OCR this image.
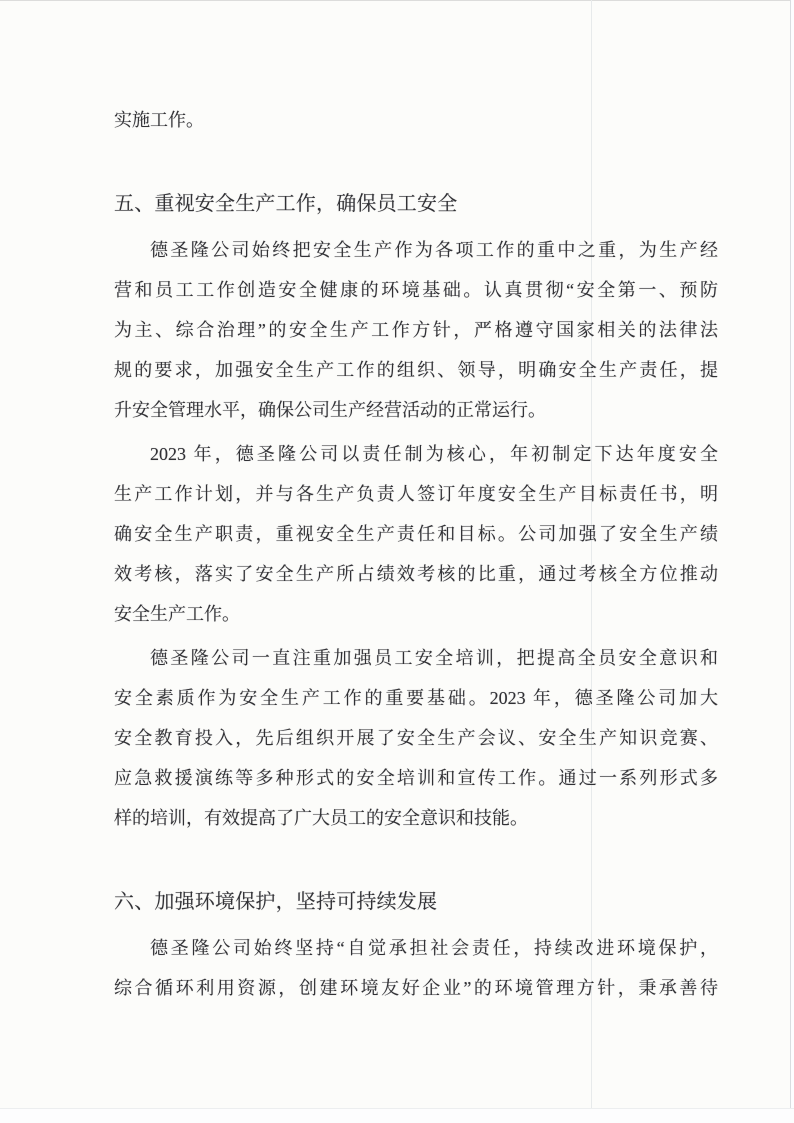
实施工作。
五、重视安全生产工作，确保员工安全
德圣隆公司始终把安全生产作为各项工作的重中之重，为生产经
营和员工工作创造安全健康的环境基础。认真贯彻“安全第一、预防
为主、综合治理”的安全生产工作方针，严格遵守国家相关的法律法
规的要求，加强安全生产工作的组织、领导，明确安全生产责任，提
升安全管理水平，确保公司生产经营活动的正常运行。
2023 年，德圣隆公司以责任制为核心，年初制定下达年度安全
生产工作计划，并与各生产负责人签订年度安全生产目标责任书，明
确安全生产职责，重视安全生产责任和目标。公司加强了安全生产绩
效考核，落实了安全生产所占绩效考核的比重，通过考核全方位推动
安全生产工作。
德圣隆公司一直注重加强员工安全培训，把提高全员安全意识和
安全素质作为安全生产工作的重要基础。2023 年，德圣隆公司加大
安全教育投入，先后组织开展了安全生产会议、安全生产知识竞赛、
应急救援演练等多种形式的安全培训和宣传工作。通过一系列形式多
样的培训，有效提高了广大员工的安全意识和技能。
六、加强环境保护，坚持可持续发展
德圣隆公司始终坚持“自觉承担社会责任，持续改进环境保护，
综合循环利用资源，创建环境友好企业”的环境管理方针，秉承善待
